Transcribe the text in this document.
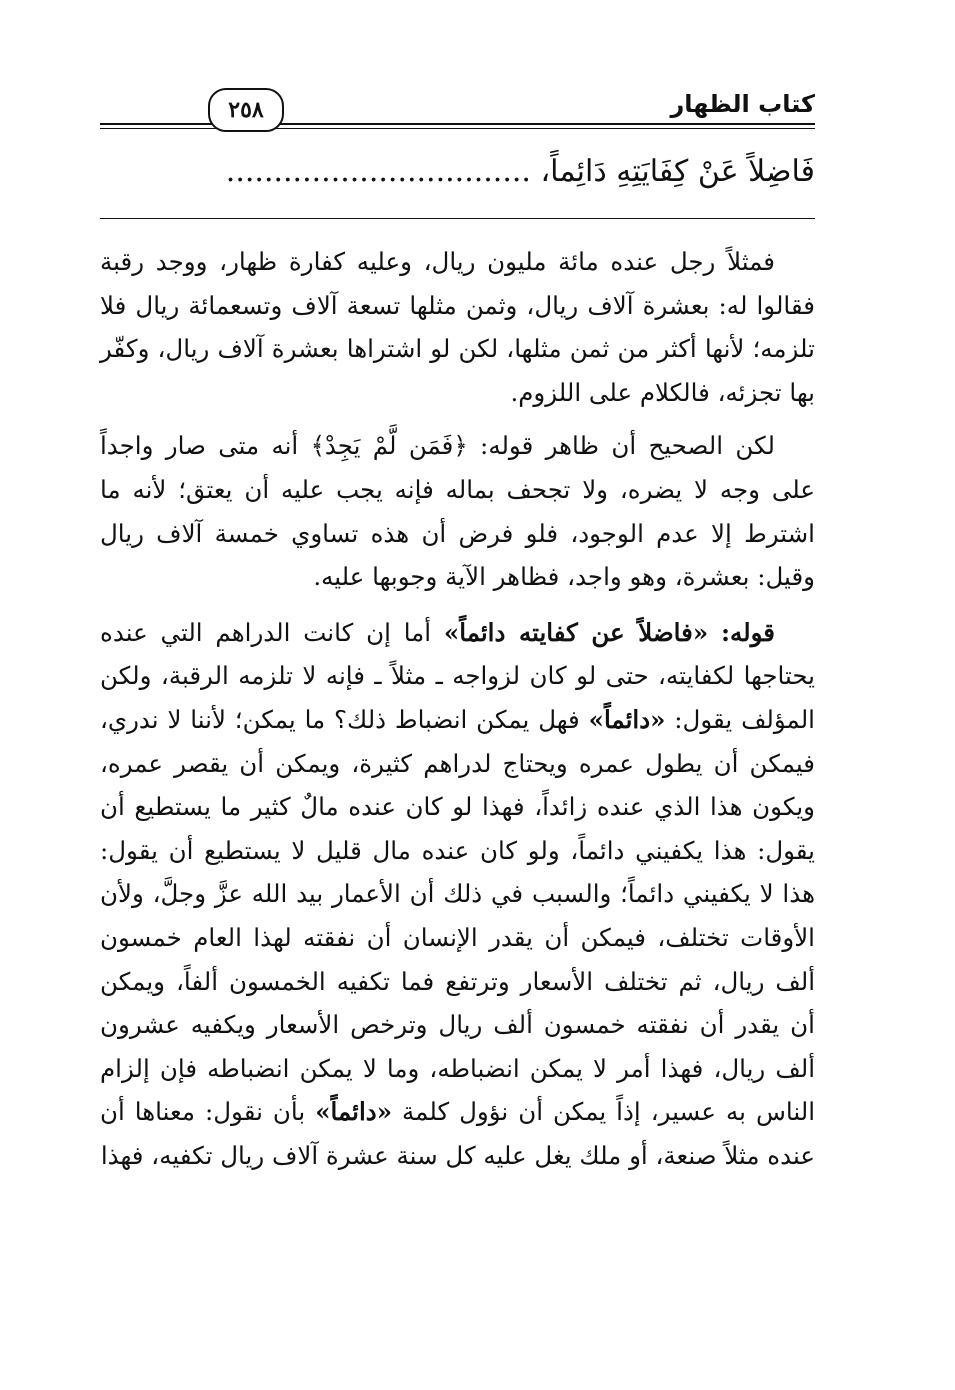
كتاب الظهار
٢٥٨
فَاضِلاً عَنْ كِفَايَتِهِ دَائِماً، ................................

فمثلاً رجل عنده مائة مليون ريال، وعليه كفارة ظهار، ووجد رقبة فقالوا له: بعشرة آلاف ريال، وثمن مثلها تسعة آلاف وتسعمائة ريال فلا تلزمه؛ لأنها أكثر من ثمن مثلها، لكن لو اشتراها بعشرة آلاف ريال، وكفّر بها تجزئه، فالكلام على اللزوم.

لكن الصحيح أن ظاهر قوله: ﴿فَمَن لَّمْ يَجِدْ﴾ أنه متى صار واجداً على وجه لا يضره، ولا تجحف بماله فإنه يجب عليه أن يعتق؛ لأنه ما اشترط إلا عدم الوجود، فلو فرض أن هذه تساوي خمسة آلاف ريال وقيل: بعشرة، وهو واجد، فظاهر الآية وجوبها عليه.

قوله: «فاضلاً عن كفايته دائماً» أما إن كانت الدراهم التي عنده يحتاجها لكفايته، حتى لو كان لزواجه ـ مثلاً ـ فإنه لا تلزمه الرقبة، ولكن المؤلف يقول: «دائماً» فهل يمكن انضباط ذلك؟ ما يمكن؛ لأننا لا ندري، فيمكن أن يطول عمره ويحتاج لدراهم كثيرة، ويمكن أن يقصر عمره، ويكون هذا الذي عنده زائداً، فهذا لو كان عنده مالٌ كثير ما يستطيع أن يقول: هذا يكفيني دائماً، ولو كان عنده مال قليل لا يستطيع أن يقول: هذا لا يكفيني دائماً؛ والسبب في ذلك أن الأعمار بيد الله عزَّ وجلَّ، ولأن الأوقات تختلف، فيمكن أن يقدر الإنسان أن نفقته لهذا العام خمسون ألف ريال، ثم تختلف الأسعار وترتفع فما تكفيه الخمسون ألفاً، ويمكن أن يقدر أن نفقته خمسون ألف ريال وترخص الأسعار ويكفيه عشرون ألف ريال، فهذا أمر لا يمكن انضباطه، وما لا يمكن انضباطه فإن إلزام الناس به عسير، إذاً يمكن أن نؤول كلمة «دائماً» بأن نقول: معناها أن عنده مثلاً صنعة، أو ملك يغل عليه كل سنة عشرة آلاف ريال تكفيه، فهذا
